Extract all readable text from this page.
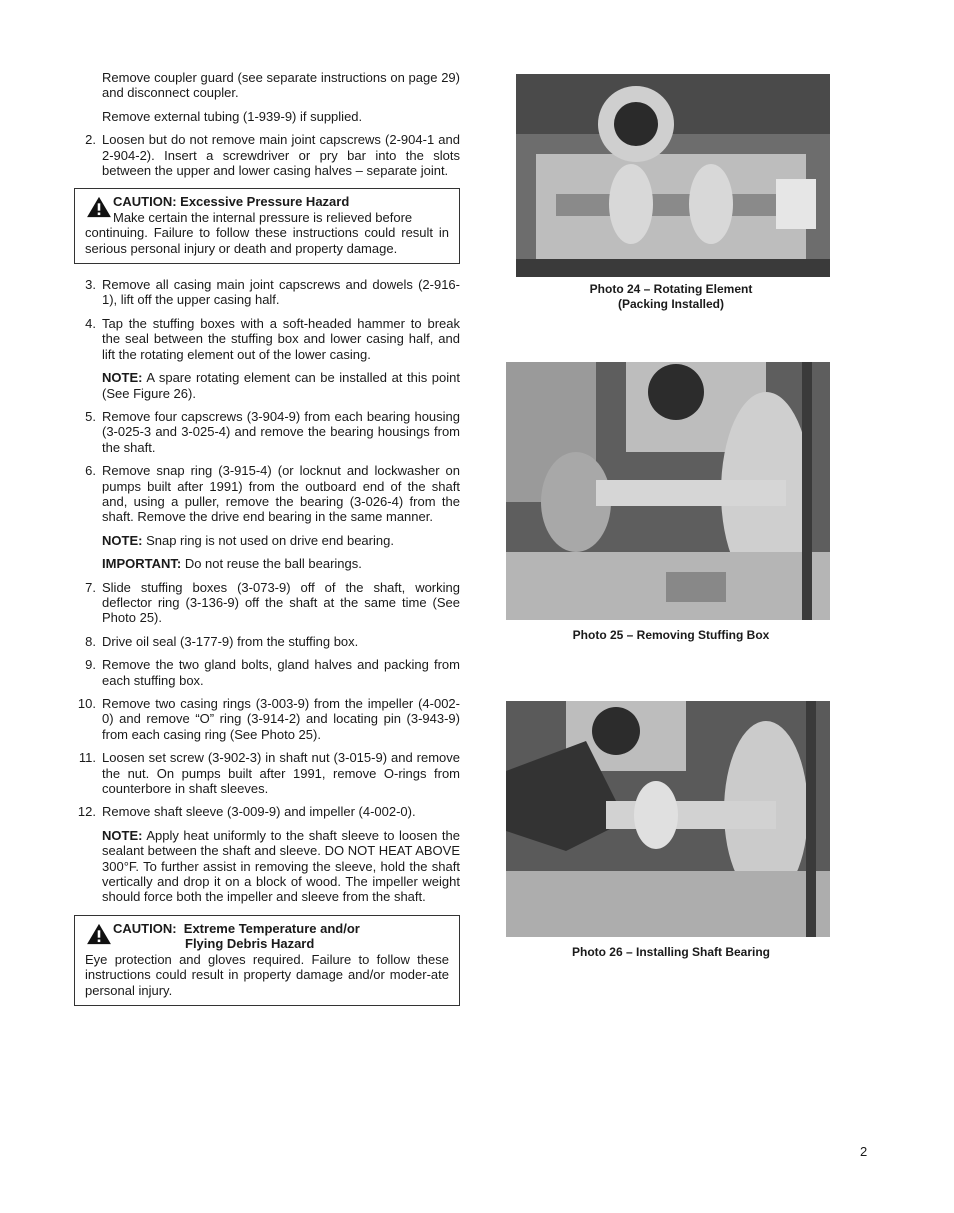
Remove coupler guard (see separate instructions on page 29) and disconnect coupler.

Remove external tubing (1-939-9) if supplied.

2. Loosen but do not remove main joint capscrews (2-904-1 and 2-904-2). Insert a screwdriver or pry bar into the slots between the upper and lower casing halves – separate joint.
CAUTION: Excessive Pressure Hazard
Make certain the internal pressure is relieved before
continuing. Failure to follow these instructions could result in serious personal injury or death and property damage.
3. Remove all casing main joint capscrews and dowels (2-916-1), lift off the upper casing half.
4. Tap the stuffing boxes with a soft-headed hammer to break the seal between the stuffing box and lower casing half, and lift the rotating element out of the lower casing.

NOTE: A spare rotating element can be installed at this point (See Figure 26).

5. Remove four capscrews (3-904-9) from each bearing housing (3-025-3 and 3-025-4) and remove the bearing housings from the shaft.
6. Remove snap ring (3-915-4) (or locknut and lockwasher on pumps built after 1991) from the outboard end of the shaft and, using a puller, remove the bearing (3-026-4) from the shaft. Remove the drive end bearing in the same manner.

NOTE: Snap ring is not used on drive end bearing.

IMPORTANT: Do not reuse the ball bearings.

7. Slide stuffing boxes (3-073-9) off of the shaft, working deflector ring (3-136-9) off the shaft at the same time (See Photo 25).
8. Drive oil seal (3-177-9) from the stuffing box.
9. Remove the two gland bolts, gland halves and packing from each stuffing box.
10. Remove two casing rings (3-003-9) from the impeller (4-002-0) and remove “O” ring (3-914-2) and locating pin (3-943-9) from each casing ring (See Photo 25).
11. Loosen set screw (3-902-3) in shaft nut (3-015-9) and remove the nut. On pumps built after 1991, remove O-rings from counterbore in shaft sleeves.
12. Remove shaft sleeve (3-009-9) and impeller (4-002-0).

NOTE: Apply heat uniformly to the shaft sleeve to loosen the sealant between the shaft and sleeve. DO NOT HEAT ABOVE 300°F. To further assist in removing the sleeve, hold the shaft vertically and drop it on a block of wood. The impeller weight should force both the impeller and sleeve from the shaft.

CAUTION: Extreme Temperature and/or
Flying Debris Hazard
Eye protection and gloves required. Failure to follow these instructions could result in property damage and/or moder-ate personal injury.
Photo 24 – Rotating Element
(Packing Installed)
Photo 25 – Removing Stuffing Box
Photo 26 – Installing Shaft Bearing
2
